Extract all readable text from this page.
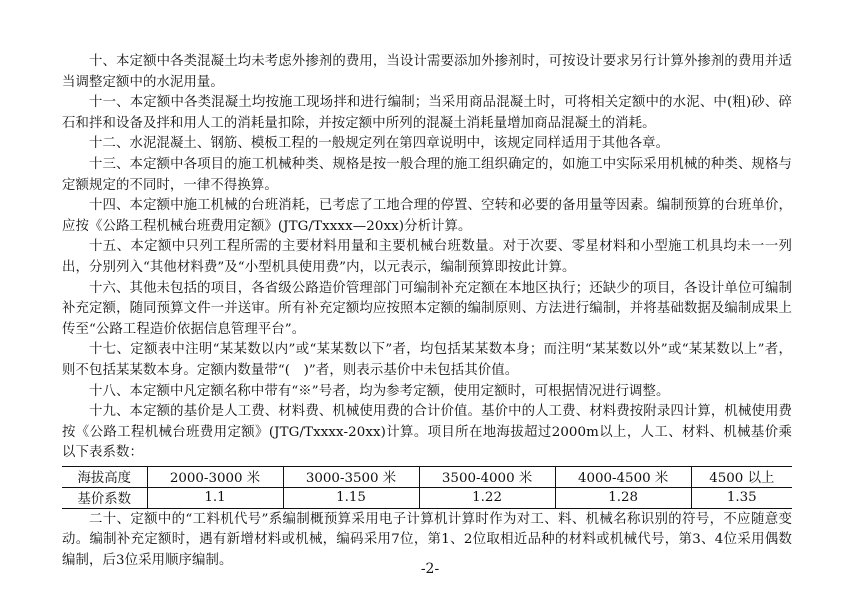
十、本定额中各类混凝土均未考虑外掺剂的费用，当设计需要添加外掺剂时，可按设计要求另行计算外掺剂的费用并适当调整定额中的水泥用量。

十一、本定额中各类混凝土均按施工现场拌和进行编制；当采用商品混凝土时，可将相关定额中的水泥、中(粗)砂、碎石和拌和设备及拌和用人工的消耗量扣除，并按定额中所列的混凝土消耗量增加商品混凝土的消耗。

十二、水泥混凝土、钢筋、模板工程的一般规定列在第四章说明中，该规定同样适用于其他各章。

十三、本定额中各项目的施工机械种类、规格是按一般合理的施工组织确定的，如施工中实际采用机械的种类、规格与定额规定的不同时，一律不得换算。

十四、本定额中施工机械的台班消耗，已考虑了工地合理的停置、空转和必要的备用量等因素。编制预算的台班单价，应按《公路工程机械台班费用定额》(JTG/Txxxx—20xx)分析计算。

十五、本定额中只列工程所需的主要材料用量和主要机械台班数量。对于次要、零星材料和小型施工机具均未一一列出，分别列入“其他材料费”及“小型机具使用费”内，以元表示，编制预算即按此计算。

十六、其他未包括的项目，各省级公路造价管理部门可编制补充定额在本地区执行；还缺少的项目，各设计单位可编制补充定额，随同预算文件一并送审。所有补充定额均应按照本定额的编制原则、方法进行编制，并将基础数据及编制成果上传至“公路工程造价依据信息管理平台”。

十七、定额表中注明“某某数以内”或“某某数以下”者，均包括某某数本身；而注明“某某数以外”或“某某数以上”者，则不包括某某数本身。定额内数量带“(　)”者，则表示基价中未包括其价值。

十八、本定额中凡定额名称中带有“※”号者，均为参考定额，使用定额时，可根据情况进行调整。

十九、本定额的基价是人工费、材料费、机械使用费的合计价值。基价中的人工费、材料费按附录四计算，机械使用费按《公路工程机械台班费用定额》(JTG/Txxxx-20xx)计算。项目所在地海拔超过2000m以上，人工、材料、机械基价乘以下表系数：

海拔高度	2000-3000 米	3000-3500 米	3500-4000 米	4000-4500 米	4500 以上
基价系数	1.1	1.15	1.22	1.28	1.35

二十、定额中的“工料机代号”系编制概预算采用电子计算机计算时作为对工、料、机械名称识别的符号，不应随意变动。编制补充定额时，遇有新增材料或机械，编码采用7位，第1、2位取相近品种的材料或机械代号，第3、4位采用偶数编制，后3位采用顺序编制。

-2-
